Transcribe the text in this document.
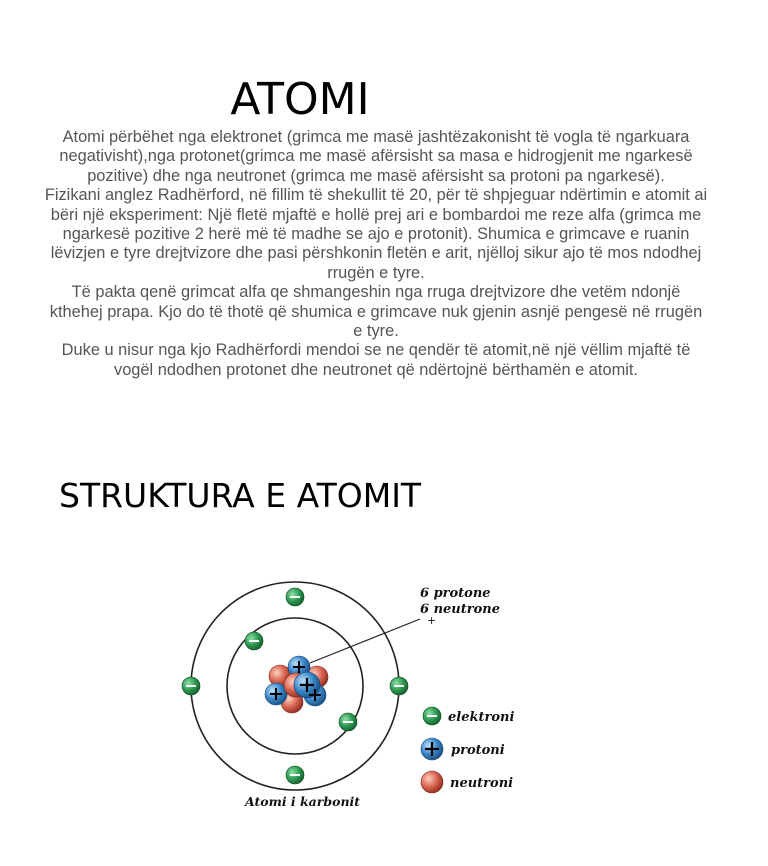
ATOMI

Atomi përbëhet nga elektronet (grimca me masë jashtëzakonisht të vogla të ngarkuara negativisht),nga protonet(grimca me masë afërsisht sa masa e hidrogjenit me ngarkesë pozitive) dhe nga neutronet (grimca me masë afërsisht sa protoni pa ngarkesë).

Fizikani anglez Radhërford, në fillim të shekullit të 20, për të shpjeguar ndërtimin e atomit ai bëri një eksperiment: Një fletë mjaftë e hollë prej ari e bombardoi me reze alfa (grimca me ngarkesë pozitive 2 herë më të madhe se ajo e protonit). Shumica e grimcave e ruanin lëvizjen e tyre drejtvizore dhe pasi përshkonin fletën e arit, njëlloj sikur ajo të mos ndodhej rrugën e tyre.

Të pakta qenë grimcat alfa qe shmangeshin nga rruga drejtvizore dhe vetëm ndonjë kthehej prapa. Kjo do të thotë që shumica e grimcave nuk gjenin asnjë pengesë në rrugën e tyre.

Duke u nisur nga kjo Radhërfordi mendoi se ne qendër të atomit,në një vëllim mjaftë të vogël ndodhen protonet dhe neutronet që ndërtojnë bërthamën e atomit.

STRUKTURA E ATOMIT
6 protone
6 neutrone
+
elektroni
protoni
neutroni
Atomi i karbonit
